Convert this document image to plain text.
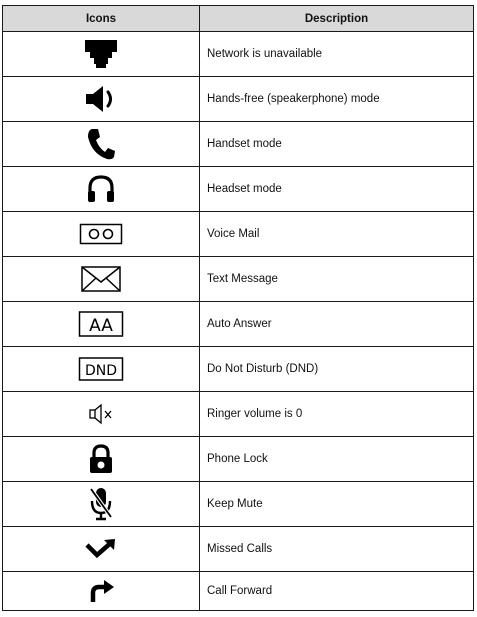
Icons	Description
	Network is unavailable
	Hands-free (speakerphone) mode
	Handset mode
	Headset mode
	Voice Mail
	Text Message

AA	Auto Answer

DND	Do Not Disturb (DND)
	Ringer volume is 0
	Phone Lock
	Keep Mute
	Missed Calls
	Call Forward
